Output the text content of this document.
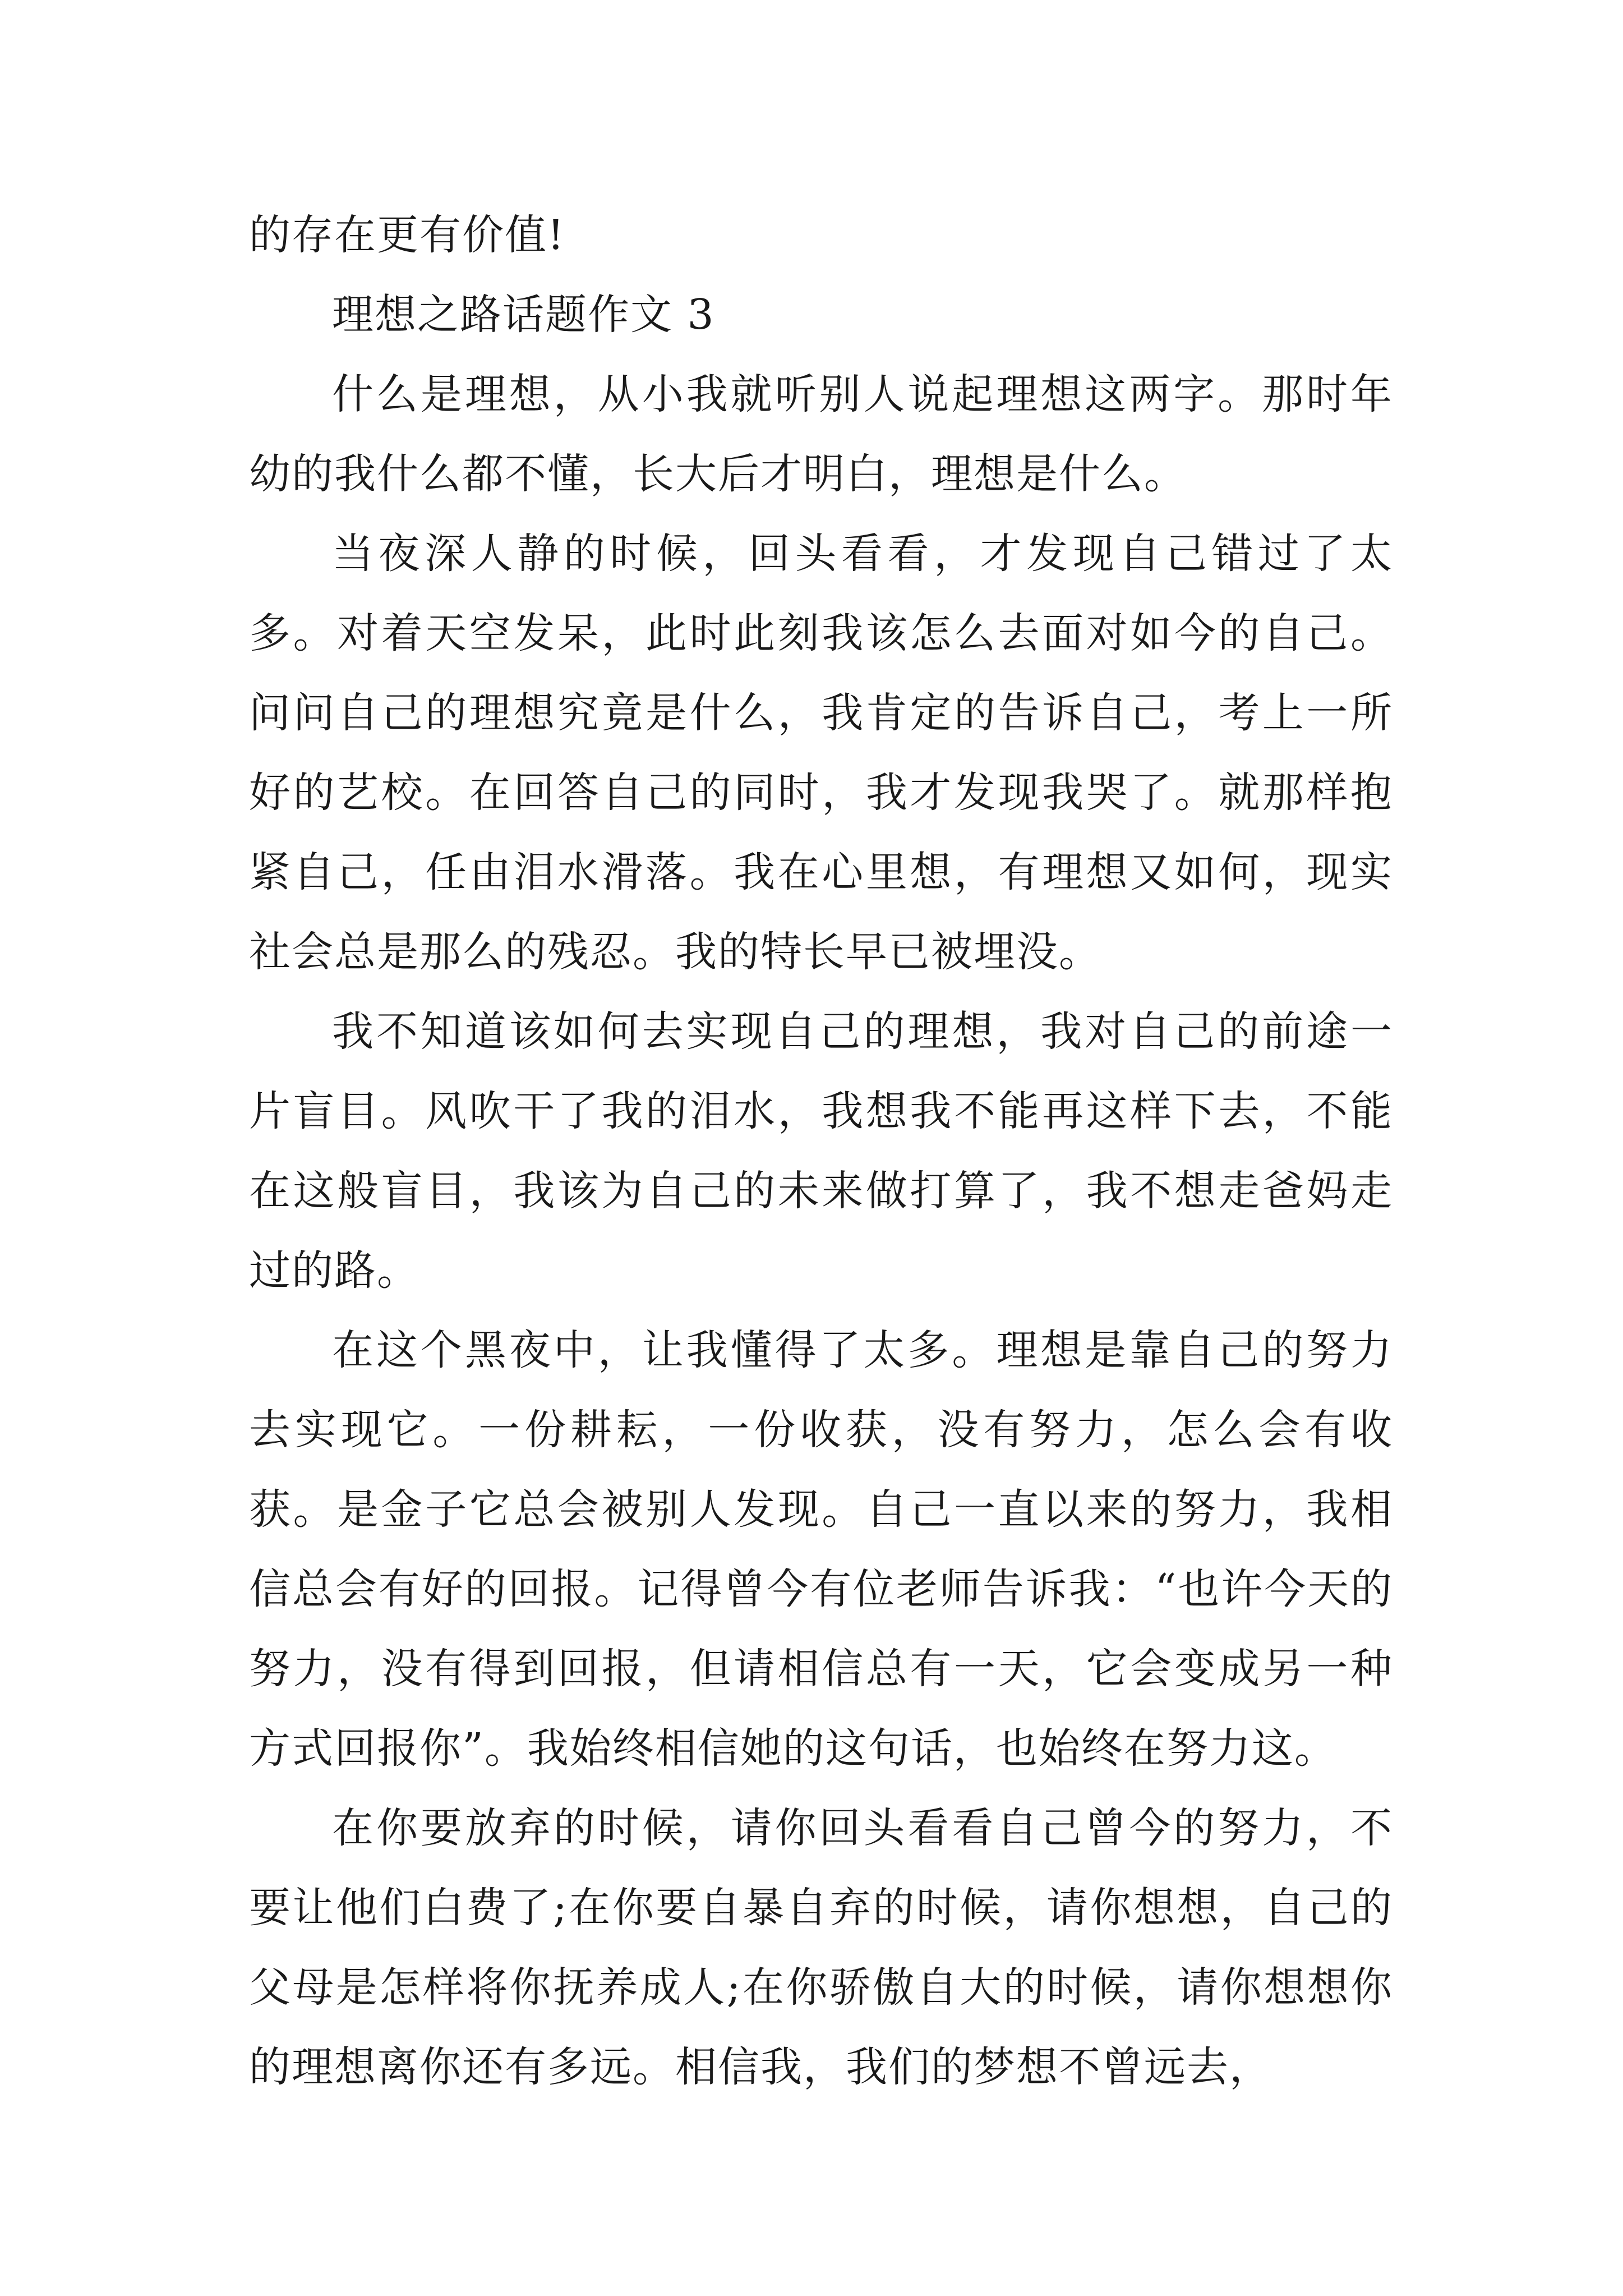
的存在更有价值!

理想之路话题作文 3

什么是理想，从小我就听别人说起理想这两字。那时年幼的我什么都不懂，长大后才明白，理想是什么。

当夜深人静的时候，回头看看，才发现自己错过了太多。对着天空发呆，此时此刻我该怎么去面对如今的自己。问问自己的理想究竟是什么，我肯定的告诉自己，考上一所好的艺校。在回答自己的同时，我才发现我哭了。就那样抱紧自己，任由泪水滑落。我在心里想，有理想又如何，现实社会总是那么的残忍。我的特长早已被埋没。

我不知道该如何去实现自己的理想，我对自己的前途一片盲目。风吹干了我的泪水，我想我不能再这样下去，不能在这般盲目，我该为自己的未来做打算了，我不想走爸妈走过的路。

在这个黑夜中，让我懂得了太多。理想是靠自己的努力去实现它。一份耕耘，一份收获，没有努力，怎么会有收获。是金子它总会被别人发现。自己一直以来的努力，我相信总会有好的回报。记得曾今有位老师告诉我：“也许今天的努力，没有得到回报，但请相信总有一天，它会变成另一种方式回报你”。我始终相信她的这句话，也始终在努力这。

在你要放弃的时候，请你回头看看自己曾今的努力，不要让他们白费了;在你要自暴自弃的时候，请你想想，自己的父母是怎样将你抚养成人;在你骄傲自大的时候，请你想想你的理想离你还有多远。相信我，我们的梦想不曾远去，
